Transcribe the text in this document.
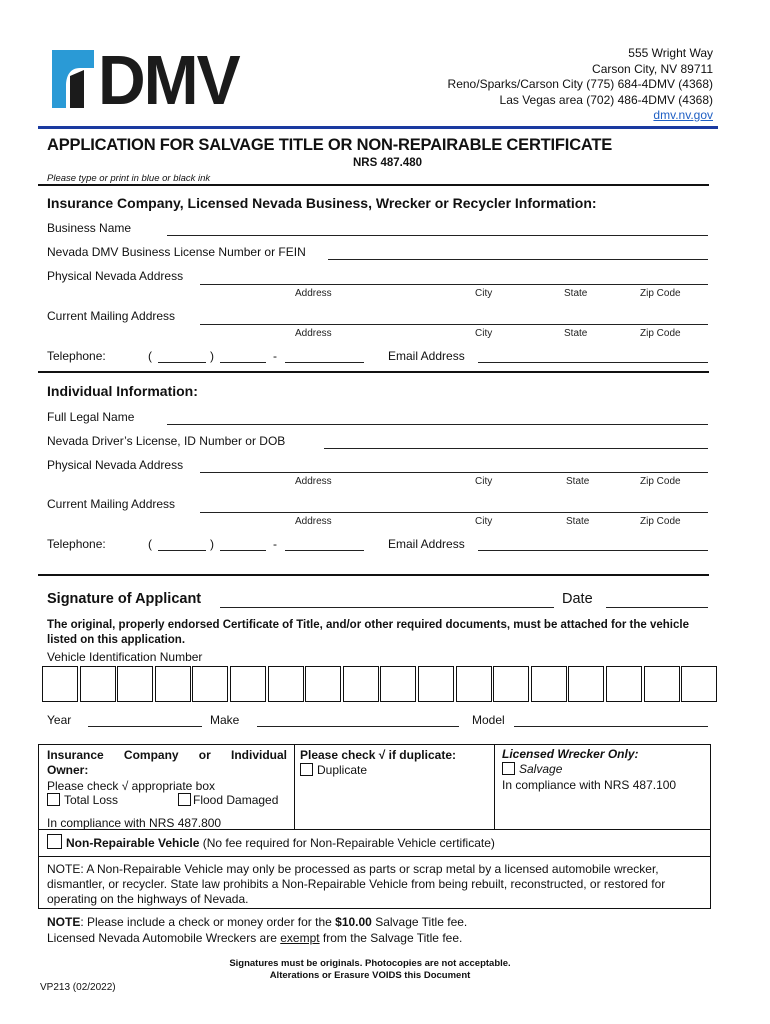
DMV	555 Wright Way
Carson City, NV 89711
Reno/Sparks/Carson City (775) 684-4DMV (4368)
Las Vegas area (702) 486-4DMV (4368)
dmv.nv.gov
APPLICATION FOR SALVAGE TITLE OR NON-REPAIRABLE CERTIFICATE
NRS 487.480
Please type or print in blue or black ink
Insurance Company, Licensed Nevada Business, Wrecker or Recycler Information:
Business Name
Nevada DMV Business License Number or FEIN
Physical Nevada Address
Address	City	State	Zip Code
Current Mailing Address
Address	City	State	Zip Code
Telephone:	(	)	-	Email Address
Individual Information:
Full Legal Name
Nevada Driver’s License, ID Number or DOB
Physical Nevada Address
Address	City	State	Zip Code
Current Mailing Address
Address	City	State	Zip Code
Telephone:	(	)	-	Email Address
Signature of Applicant	Date
The original, properly endorsed Certificate of Title, and/or other required documents, must be attached for the vehicle listed on this application.
Vehicle Identification Number
Year	Make	Model
Insurance Company or Individual
Owner:
Please check √ appropriate box
Total Loss	Flood Damaged
In compliance with NRS 487.800
Please check √ if duplicate:
Duplicate
Licensed Wrecker Only:
Salvage
In compliance with NRS 487.100
Non-Repairable Vehicle (No fee required for Non-Repairable Vehicle certificate)
NOTE: A Non-Repairable Vehicle may only be processed as parts or scrap metal by a licensed automobile wrecker, dismantler, or recycler. State law prohibits a Non-Repairable Vehicle from being rebuilt, reconstructed, or restored for operating on the highways of Nevada.
NOTE: Please include a check or money order for the $10.00 Salvage Title fee.
Licensed Nevada Automobile Wreckers are exempt from the Salvage Title fee.
Signatures must be originals. Photocopies are not acceptable.
Alterations or Erasure VOIDS this Document
VP213 (02/2022)
